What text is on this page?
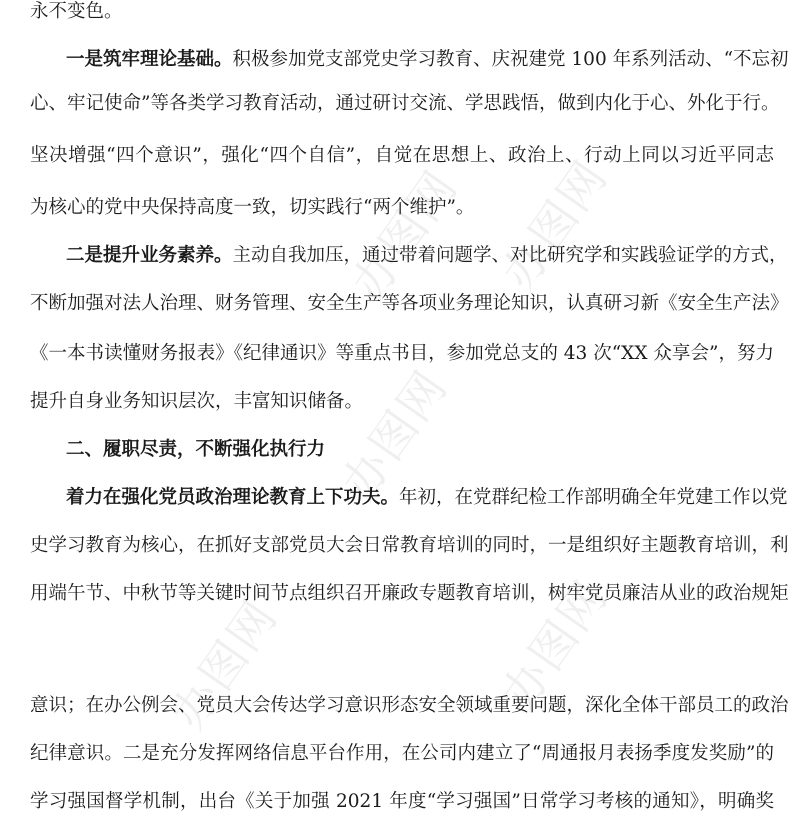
办图网 办图网
办图网
办图网
办图网
永不变色。
一是筑牢理论基础。积极参加党支部党史学习教育、庆祝建党 100 年系列活动、“不忘初
心、牢记使命”等各类学习教育活动，通过研讨交流、学思践悟，做到内化于心、外化于行。
坚决增强“四个意识”，强化“四个自信”，自觉在思想上、政治上、行动上同以习近平同志
为核心的党中央保持高度一致，切实践行“两个维护”。
二是提升业务素养。主动自我加压，通过带着问题学、对比研究学和实践验证学的方式，
不断加强对法人治理、财务管理、安全生产等各项业务理论知识，认真研习新《安全生产法》
《一本书读懂财务报表》《纪律通识》等重点书目，参加党总支的 43 次“XX 众享会”，努力
提升自身业务知识层次，丰富知识储备。
二、履职尽责，不断强化执行力
着力在强化党员政治理论教育上下功夫。年初，在党群纪检工作部明确全年党建工作以党
史学习教育为核心，在抓好支部党员大会日常教育培训的同时，一是组织好主题教育培训，利
用端午节、中秋节等关键时间节点组织召开廉政专题教育培训，树牢党员廉洁从业的政治规矩
意识；在办公例会、党员大会传达学习意识形态安全领域重要问题，深化全体干部员工的政治
纪律意识。二是充分发挥网络信息平台作用，在公司内建立了“周通报月表扬季度发奖励”的
学习强国督学机制，出台《关于加强 2021 年度“学习强国”日常学习考核的通知》，明确奖
